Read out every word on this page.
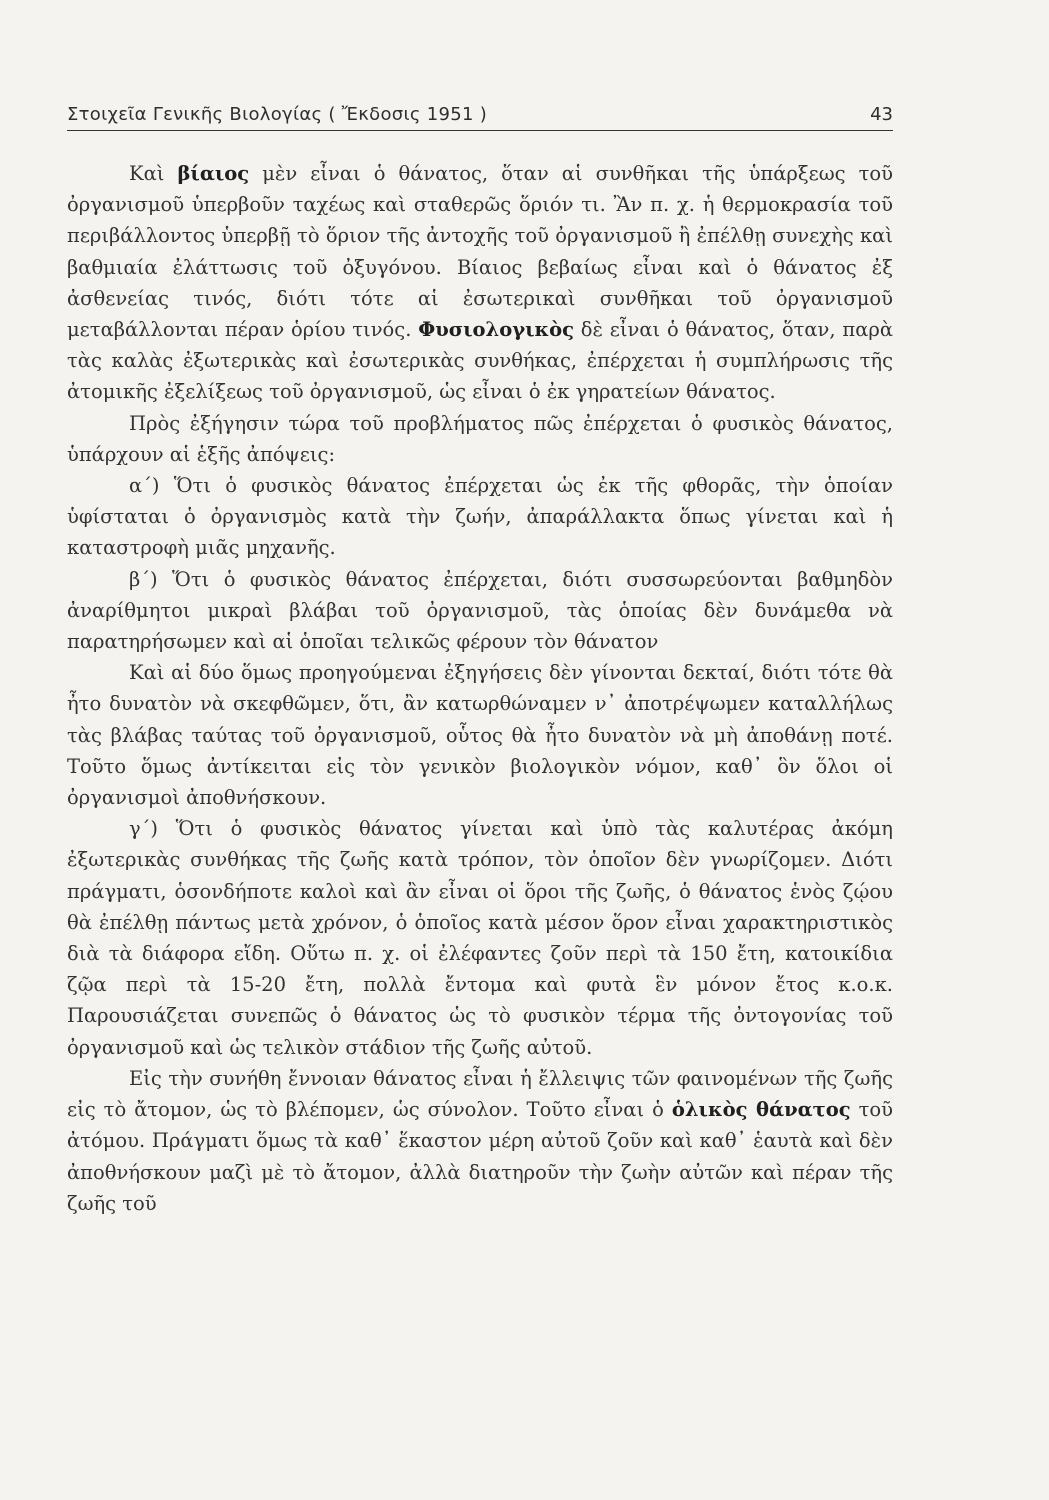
Στοιχεῖα Γενικῆς Βιολογίας ( Ἔκδοσις 1951 )	43

Καὶ βίαιος μὲν εἶναι ὁ θάνατος, ὅταν αἱ συνθῆκαι τῆς ὑπάρξεως τοῦ ὀργανισμοῦ ὑπερβοῦν ταχέως καὶ σταθερῶς ὅριόν τι. Ἂν π. χ. ἡ θερμοκρασία τοῦ περιβάλλοντος ὑπερβῇ τὸ ὅριον τῆς ἀντοχῆς τοῦ ὀργανισμοῦ ἢ ἐπέλθῃ συνεχὴς καὶ βαθμιαία ἐλάττωσις τοῦ ὀξυγόνου. Βίαιος βεβαίως εἶναι καὶ ὁ θάνατος ἐξ ἀσθενείας τινός, διότι τότε αἱ ἐσωτερικαὶ συνθῆκαι τοῦ ὀργανισμοῦ μεταβάλλονται πέραν ὁρίου τινός. Φυσιολογικὸς δὲ εἶναι ὁ θάνατος, ὅταν, παρὰ τὰς καλὰς ἐξωτερικὰς καὶ ἐσωτερικὰς συνθήκας, ἐπέρχεται ἡ συμπλήρωσις τῆς ἀτομικῆς ἐξελίξεως τοῦ ὀργανισμοῦ, ὡς εἶναι ὁ ἐκ γηρατείων θάνατος.

Πρὸς ἐξήγησιν τώρα τοῦ προβλήματος πῶς ἐπέρχεται ὁ φυσικὸς θάνατος, ὑπάρχουν αἱ ἑξῆς ἀπόψεις:

α΄) Ὅτι ὁ φυσικὸς θάνατος ἐπέρχεται ὡς ἐκ τῆς φθορᾶς, τὴν ὁποίαν ὑφίσταται ὁ ὀργανισμὸς κατὰ τὴν ζωήν, ἀπαράλλακτα ὅπως γίνεται καὶ ἡ καταστροφὴ μιᾶς μηχανῆς.

β΄) Ὅτι ὁ φυσικὸς θάνατος ἐπέρχεται, διότι συσσωρεύονται βαθμηδὸν ἀναρίθμητοι μικραὶ βλάβαι τοῦ ὀργανισμοῦ, τὰς ὁποίας δὲν δυνάμεθα νὰ παρατηρήσωμεν καὶ αἱ ὁποῖαι τελικῶς φέρουν τὸν θάνατον

Καὶ αἱ δύο ὅμως προηγούμεναι ἐξηγήσεις δὲν γίνονται δεκταί, διότι τότε θὰ ἦτο δυνατὸν νὰ σκεφθῶμεν, ὅτι, ἂν κατωρθώναμεν ν᾿ ἀποτρέψωμεν καταλλήλως τὰς βλάβας ταύτας τοῦ ὀργανισμοῦ, οὗτος θὰ ἦτο δυνατὸν νὰ μὴ ἀποθάνῃ ποτέ. Τοῦτο ὅμως ἀντίκειται εἰς τὸν γενικὸν βιολογικὸν νόμον, καθ᾿ ὃν ὅλοι οἱ ὀργανισμοὶ ἀποθνήσκουν.

γ΄) Ὅτι ὁ φυσικὸς θάνατος γίνεται καὶ ὑπὸ τὰς καλυτέρας ἀκόμη ἐξωτερικὰς συνθήκας τῆς ζωῆς κατὰ τρόπον, τὸν ὁποῖον δὲν γνωρίζομεν. Διότι πράγματι, ὁσονδήποτε καλοὶ καὶ ἂν εἶναι οἱ ὅροι τῆς ζωῆς, ὁ θάνατος ἑνὸς ζῴου θὰ ἐπέλθῃ πάντως μετὰ χρόνον, ὁ ὁποῖος κατὰ μέσον ὅρον εἶναι χαρακτηριστικὸς διὰ τὰ διάφορα εἴδη. Οὕτω π. χ. οἱ ἐλέφαντες ζοῦν περὶ τὰ 150 ἔτη, κατοικίδια ζῷα περὶ τὰ 15-20 ἔτη, πολλὰ ἔντομα καὶ φυτὰ ἓν μόνον ἔτος κ.ο.κ. Παρουσιάζεται συνεπῶς ὁ θάνατος ὡς τὸ φυσικὸν τέρμα τῆς ὀντογονίας τοῦ ὀργανισμοῦ καὶ ὡς τελικὸν στάδιον τῆς ζωῆς αὐτοῦ.

Εἰς τὴν συνήθη ἔννοιαν θάνατος εἶναι ἡ ἔλλειψις τῶν φαινομένων τῆς ζωῆς εἰς τὸ ἄτομον, ὡς τὸ βλέπομεν, ὡς σύνολον. Τοῦτο εἶναι ὁ ὁλικὸς θάνατος τοῦ ἀτόμου. Πράγματι ὅμως τὰ καθ᾿ ἕκαστον μέρη αὐτοῦ ζοῦν καὶ καθ᾿ ἑαυτὰ καὶ δὲν ἀποθνήσκουν μαζὶ μὲ τὸ ἄτομον, ἀλλὰ διατηροῦν τὴν ζωὴν αὐτῶν καὶ πέραν τῆς ζωῆς τοῦ
